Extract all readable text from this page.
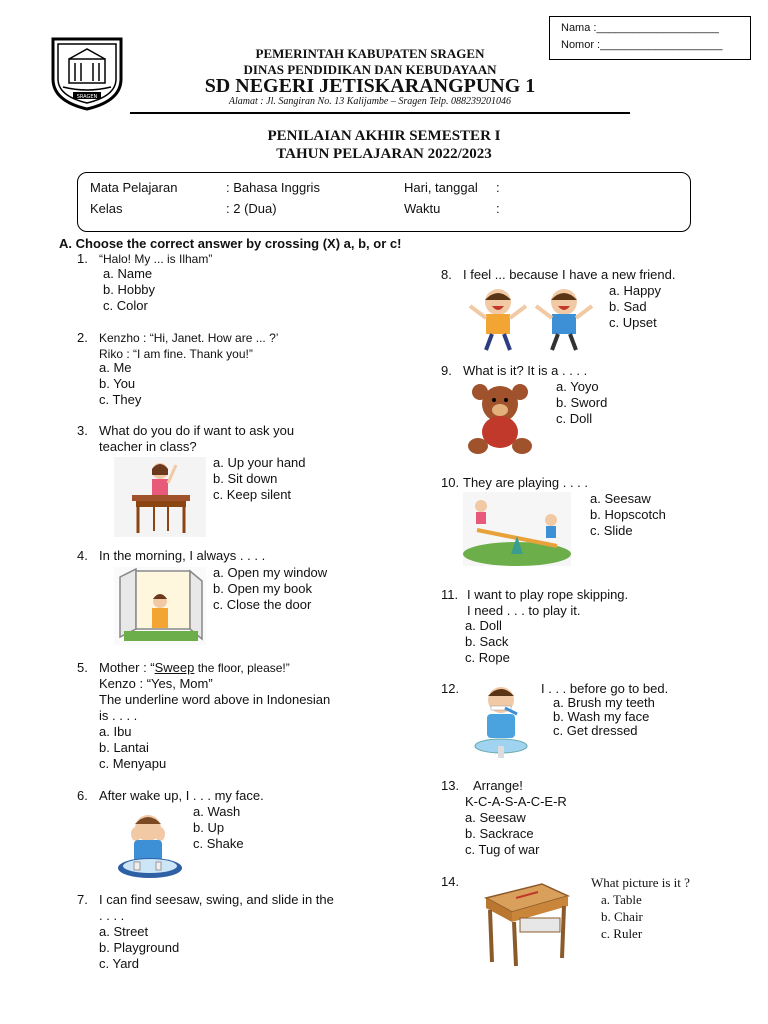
Nama :____________________
Nomor :____________________
SRAGEN
PEMERINTAH KABUPATEN SRAGEN
DINAS PENDIDIKAN DAN KEBUDAYAAN
SD NEGERI JETISKARANGPUNG 1
Alamat : Jl. Sangiran No. 13 Kalijambe – Sragen Telp. 088239201046
PENILAIAN AKHIR SEMESTER I
TAHUN PELAJARAN 2022/2023
Mata Pelajaran	: Bahasa Inggris	Hari, tanggal :
Kelas	: 2 (Dua)	Waktu	:
A. Choose the correct answer by crossing (X) a, b, or c!
1. “Halo! My ... is Ilham”
a. Name
b. Hobby
c. Color
2. Kenzho : “Hi, Janet. How are ... ?’
Riko : “I am fine. Thank you!”
a. Me
b. You
c. They
3. What do you do if want to ask you
teacher in class?
a. Up your hand
b. Sit down
c. Keep silent
4. In the morning, I always . . . .
a. Open my window
b. Open my book
c. Close the door
5. Mother : “Sweep the floor, please!”
Kenzo : “Yes, Mom”
The underline word above in Indonesian
is . . . .
a. Ibu
b. Lantai
c. Menyapu
6. After wake up, I . . . my face.
a. Wash
b. Up
c. Shake
7. I can find seesaw, swing, and slide in the
. . . .
a. Street
b. Playground
c. Yard
8. I feel ... because I have a new friend.
a. Happy
b. Sad
c. Upset
9. What is it? It is a . . . .
a. Yoyo
b. Sword
c. Doll
10. They are playing . . . .
a. Seesaw
b. Hopscotch
c. Slide
11. I want to play rope skipping.
I need . . . to play it.
a. Doll
b. Sack
c. Rope
12.	I . . . before go to bed.
a. Brush my teeth
b. Wash my face
c. Get dressed
13. Arrange!
K-C-A-S-A-C-E-R
a. Seesaw
b. Sackrace
c. Tug of war
14.	What picture is it ?
a. Table
b. Chair
c. Ruler
